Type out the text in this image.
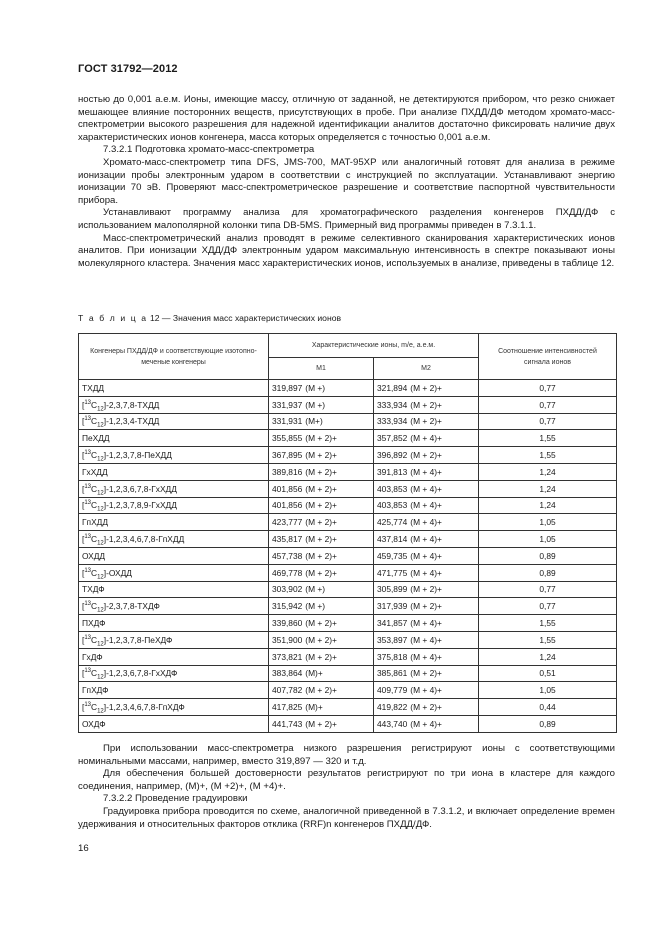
ГОСТ 31792—2012

ностью до 0,001 а.е.м. Ионы, имеющие массу, отличную от заданной, не детектируются прибором, что резко снижает мешающее влияние посторонних веществ, присутствующих в пробе. При анализе ПХДД/ДФ методом хромато-масс-спектрометрии высокого разрешения для надежной идентификации аналитов достаточно фиксировать наличие двух характеристических ионов конгенера, масса которых определяется с точностью 0,001 а.е.м.

7.3.2.1 Подготовка хромато-масс-спектрометра

Хромато-масс-спектрометр типа DFS, JMS-700, MAT-95XP или аналогичный готовят для анализа в режиме ионизации пробы электронным ударом в соответствии с инструкцией по эксплуатации. Устанавливают энергию ионизации 70 эВ. Проверяют масс-спектрометрическое разрешение и соответствие паспортной чувствительности прибора.

Устанавливают программу анализа для хроматографического разделения конгенеров ПХДД/ДФ с использованием малополярной колонки типа DB-5MS. Примерный вид программы приведен в 7.3.1.1.

Масс-спектрометрический анализ проводят в режиме селективного сканирования характеристических ионов аналитов. При ионизации ХДД/ДФ электронным ударом максимальную интенсивность в спектре показывают ионы молекулярного кластера. Значения масс характеристических ионов, используемых в анализе, приведены в таблице 12.

Т а б л и ц а 12 — Значения масс характеристических ионов
Конгенеры ПХДД/ДФ и соответствующие изотопно-меченые конгенеры	Характеристические ионы, m/e, а.е.м.		Соотношение интенсивностей сигнала ионов
	M1	M2	
ТХДД	319,897 (M +)	321,894 (M + 2)+	0,77
$[^{13}C_{12}]-2,3,7,8$-ТХДД	331,937 (M +)	333,934 (M + 2)+	0,77
$[^{13}C_{12}]-1,2,3,4$-ТХДД	331,931 (M+)	333,934 (M + 2)+	0,77
ПеХДД	355,855 (M + 2)+	357,852 (M + 4)+	1,55
$[^{13}C_{12}]-1,2,3,7,8$-ПеХДД	367,895 (M + 2)+	396,892 (M + 2)+	1,55
ГхХДД	389,816 (M + 2)+	391,813 (M + 4)+	1,24
$[^{13}C_{12}]-1,2,3,6,7,8$-ГхХДД	401,856 (M + 2)+	403,853 (M + 4)+	1,24
$[^{13}C_{12}]-1,2,3,7,8,9$-ГхХДД	401,856 (M + 2)+	403,853 (M + 4)+	1,24
ГпХДД	423,777 (M + 2)+	425,774 (M + 4)+	1,05
$[^{13}C_{12}]-1,2,3,4,6,7,8$-ГпХДД	435,817 (M + 2)+	437,814 (M + 4)+	1,05
ОХДД	457,738 (M + 2)+	459,735 (M + 4)+	0,89
$[^{13}C_{12}]$-ОХДД	469,778 (M + 2)+	471,775 (M + 4)+	0,89
ТХДФ	303,902 (M +)	305,899 (M + 2)+	0,77
$[^{13}C_{12}]-2,3,7,8$-ТХДФ	315,942 (M +)	317,939 (M + 2)+	0,77
ПХДФ	339,860 (M + 2)+	341,857 (M + 4)+	1,55
$[^{13}C_{12}]-1,2,3,7,8$-ПеХДФ	351,900 (M + 2)+	353,897 (M + 4)+	1,55
ГхДФ	373,821 (M + 2)+	375,818 (M + 4)+	1,24
$[^{13}C_{12}]-1,2,3,6,7,8$-ГхХДФ	383,864 (M)+	385,861 (M + 2)+	0,51
ГпХДФ	407,782 (M + 2)+	409,779 (M + 4)+	1,05
$[^{13}C_{12}]-1,2,3,4,6,7,8$-ГпХДФ	417,825 (M)+	419,822 (M + 2)+	0,44
ОХДФ	441,743 (M + 2)+	443,740 (M + 4)+	0,89

При использовании масс-спектрометра низкого разрешения регистрируют ионы с соответствующими номинальными массами, например, вместо 319,897 — 320 и т.д.

Для обеспечения большей достоверности результатов регистрируют по три иона в кластере для каждого соединения, например, (M)+, (M +2)+, (M +4)+.

7.3.2.2 Проведение градуировки

Градуировка прибора проводится по схеме, аналогичной приведенной в 7.3.1.2, и включает определение времен удерживания и относительных факторов отклика (RRF)n конгенеров ПХДД/ДФ.

16
